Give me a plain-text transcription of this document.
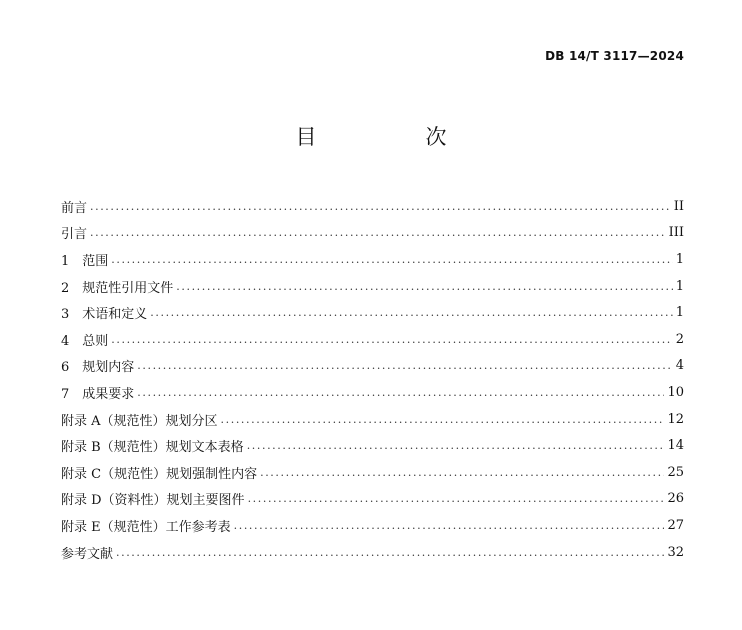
DB 14/T 3117—2024
目　次
前言 .....	II
引言 .....	III
1　范围 .....	1
2　规范性引用文件 .....	1
3　术语和定义 .....	1
4　总则 .....	2
6　规划内容 .....	4
7　成果要求 .....	10
附录 A（规范性）规划分区 .....	12
附录 B（规范性）规划文本表格 .....	14
附录 C（规范性）规划强制性内容 .....	25
附录 D（资料性）规划主要图件 .....	26
附录 E（规范性）工作参考表 .....	27
参考文献 .....	32
